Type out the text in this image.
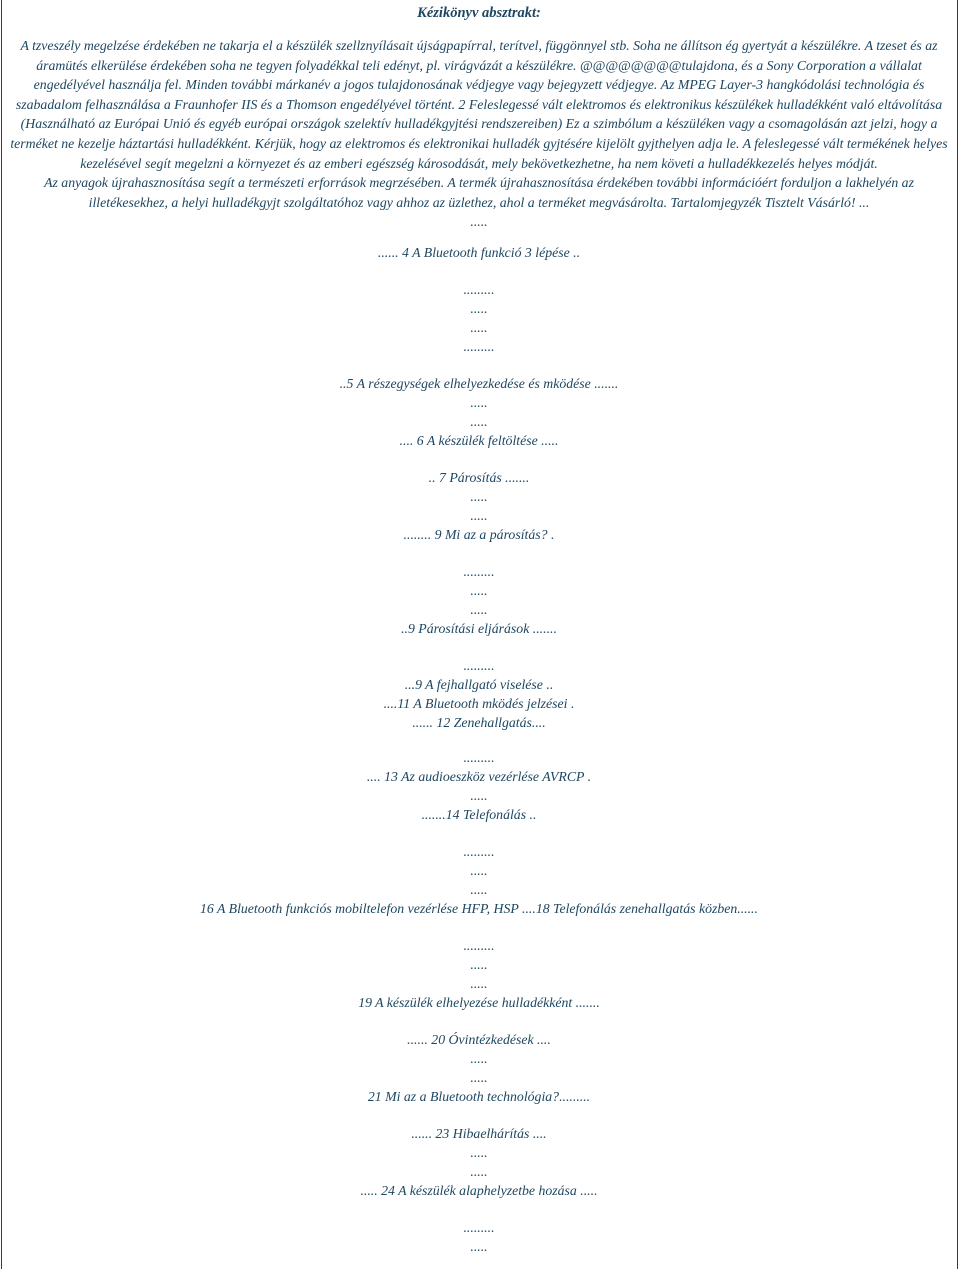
Kézikönyv absztrakt:

A tzveszély megelzése érdekében ne takarja el a készülék szellznyílásait újságpapírral, terítvel, függönnyel stb. Soha ne állítson ég gyertyát a készülékre. A tzeset és az áramütés elkerülése érdekében soha ne tegyen folyadékkal teli edényt, pl. virágvázát a készülékre. @@@@@@@@tulajdona, és a Sony Corporation a vállalat engedélyével használja fel. Minden további márkanév a jogos tulajdonosának védjegye vagy bejegyzett védjegye. Az MPEG Layer-3 hangkódolási technológia és szabadalom felhasználása a Fraunhofer IIS és a Thomson engedélyével történt. 2 Feleslegessé vált elektromos és elektronikus készülékek hulladékként való eltávolítása (Használható az Európai Unió és egyéb európai országok szelektív hulladékgyjtési rendszereiben) Ez a szimbólum a készüléken vagy a csomagolásán azt jelzi, hogy a terméket ne kezelje háztartási hulladékként. Kérjük, hogy az elektromos és elektronikai hulladék gyjtésére kijelölt gyjthelyen adja le. A feleslegessé vált termékének helyes kezelésével segít megelzni a környezet és az emberi egészség károsodását, mely bekövetkezhetne, ha nem követi a hulladékkezelés helyes módját.

Az anyagok újrahasznosítása segít a természeti erforrások megrzésében. A termék újrahasznosítása érdekében további információért forduljon a lakhelyén az illetékesekhez, a helyi hulladékgyjt szolgáltatóhoz vagy ahhoz az üzlethez, ahol a terméket megvásárolta. Tartalomjegyzék Tisztelt Vásárló! ...

.....
...... 4 A Bluetooth funkció 3 lépése ..
.........
.....
.....
.........
..5 A részegységek elhelyezkedése és mködése .......
.....
.....
.... 6 A készülék feltöltése .....
.. 7 Párosítás .......
.....
.....
........ 9 Mi az a párosítás? .
.........
.....
.....
..9 Párosítási eljárások .......
.........
...9 A fejhallgató viselése ..
....11 A Bluetooth mködés jelzései .
...... 12 Zenehallgatás....
.........
.... 13 Az audioeszköz vezérlése AVRCP .
.....
.......14 Telefonálás ..
.........
.....
.....
16 A Bluetooth funkciós mobiltelefon vezérlése HFP, HSP ....18 Telefonálás zenehallgatás közben......
.........
.....
.....
19 A készülék elhelyezése hulladékként .......
...... 20 Óvintézkedések ....
.....
.....
21 Mi az a Bluetooth technológia?.........
...... 23 Hibaelhárítás ....
.....
.....
..... 24 A készülék alaphelyzetbe hozása .....
.........
.....
